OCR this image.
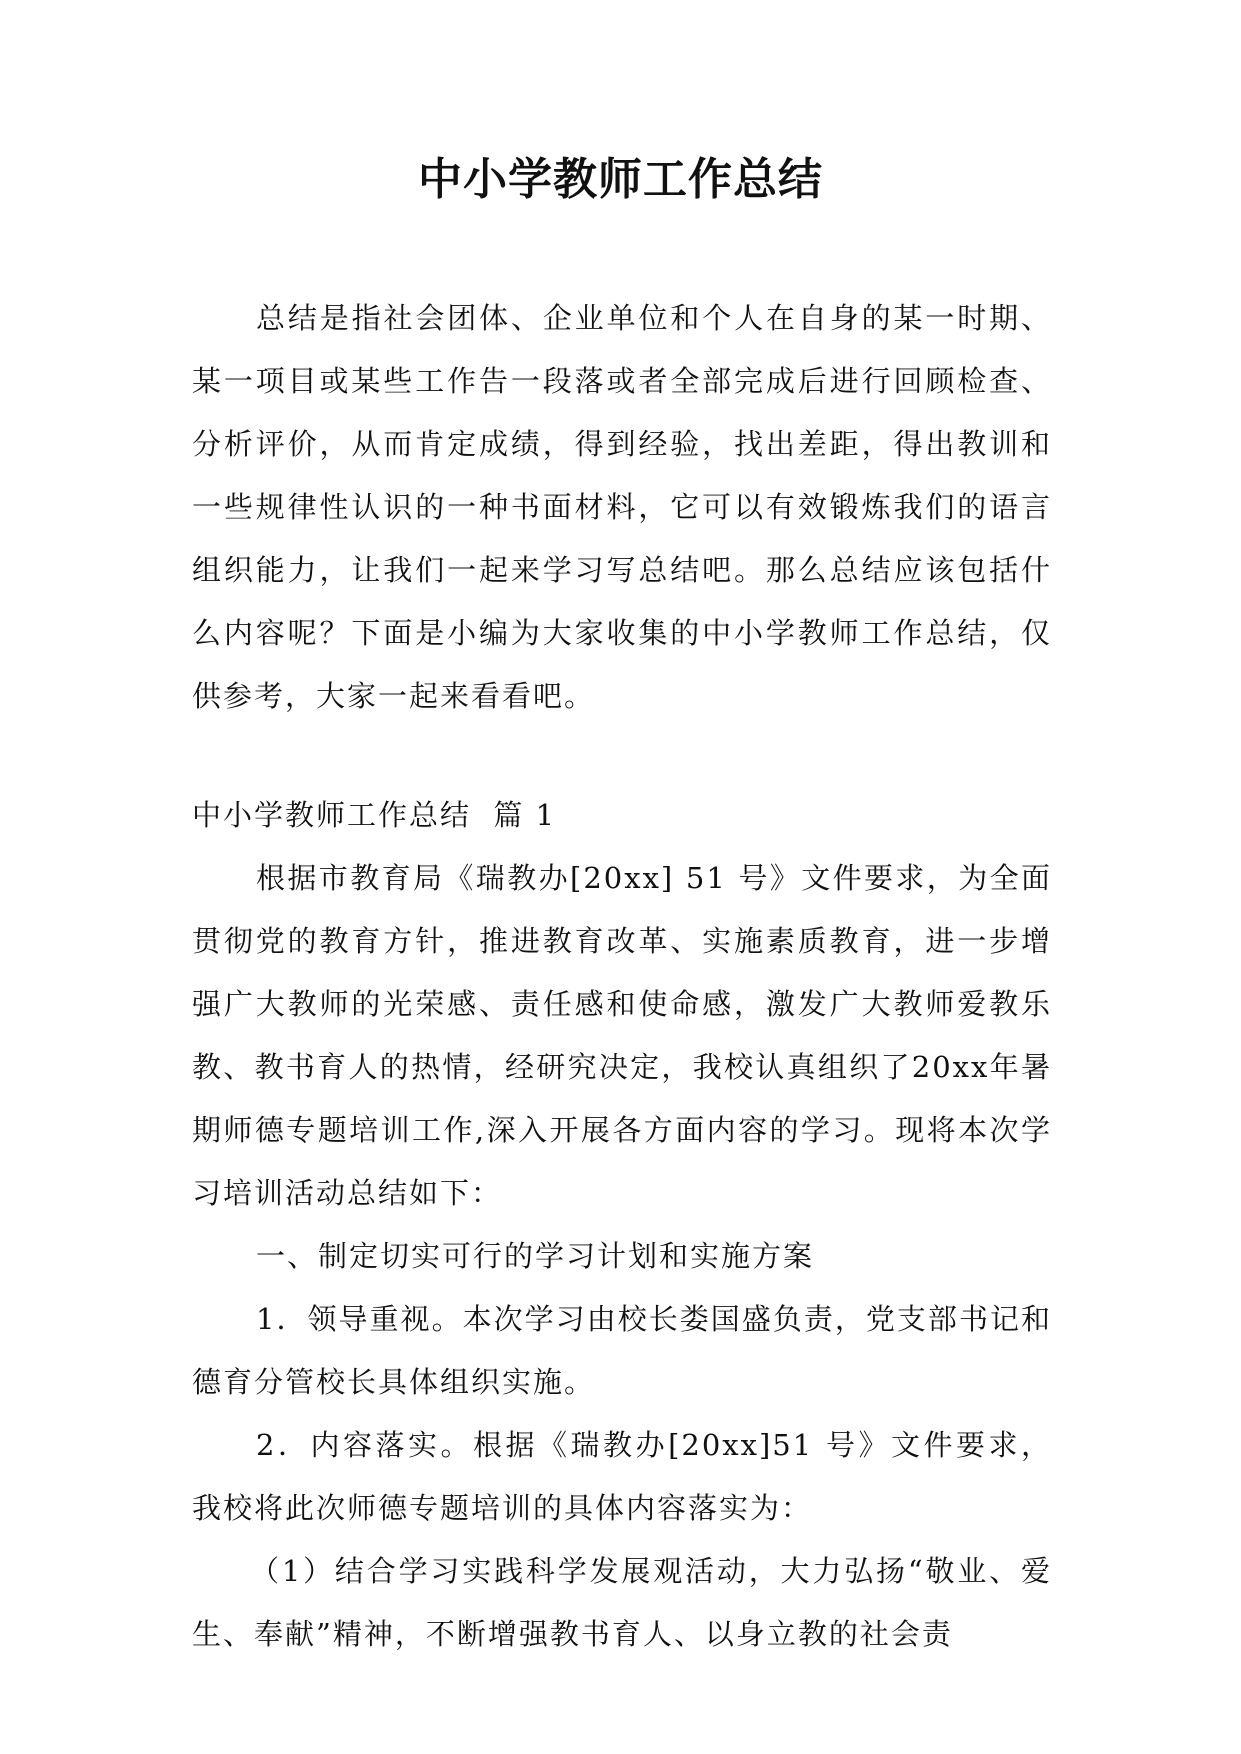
中小学教师工作总结

总结是指社会团体、企业单位和个人在自身的某一时期、某一项目或某些工作告一段落或者全部完成后进行回顾检查、分析评价，从而肯定成绩，得到经验，找出差距，得出教训和一些规律性认识的一种书面材料，它可以有效锻炼我们的语言组织能力，让我们一起来学习写总结吧。那么总结应该包括什么内容呢？下面是小编为大家收集的中小学教师工作总结，仅供参考，大家一起来看看吧。

中小学教师工作总结  篇 1

根据市教育局《瑞教办[20xx] 51 号》文件要求，为全面贯彻党的教育方针，推进教育改革、实施素质教育，进一步增强广大教师的光荣感、责任感和使命感，激发广大教师爱教乐教、教书育人的热情，经研究决定，我校认真组织了20xx年暑期师德专题培训工作,深入开展各方面内容的学习。现将本次学习培训活动总结如下：

一、制定切实可行的学习计划和实施方案

1．领导重视。本次学习由校长娄国盛负责，党支部书记和德育分管校长具体组织实施。

2．内容落实。根据《瑞教办[20xx]51 号》文件要求，我校将此次师德专题培训的具体内容落实为：

（1）结合学习实践科学发展观活动，大力弘扬“敬业、爱生、奉献”精神，不断增强教书育人、以身立教的社会责
